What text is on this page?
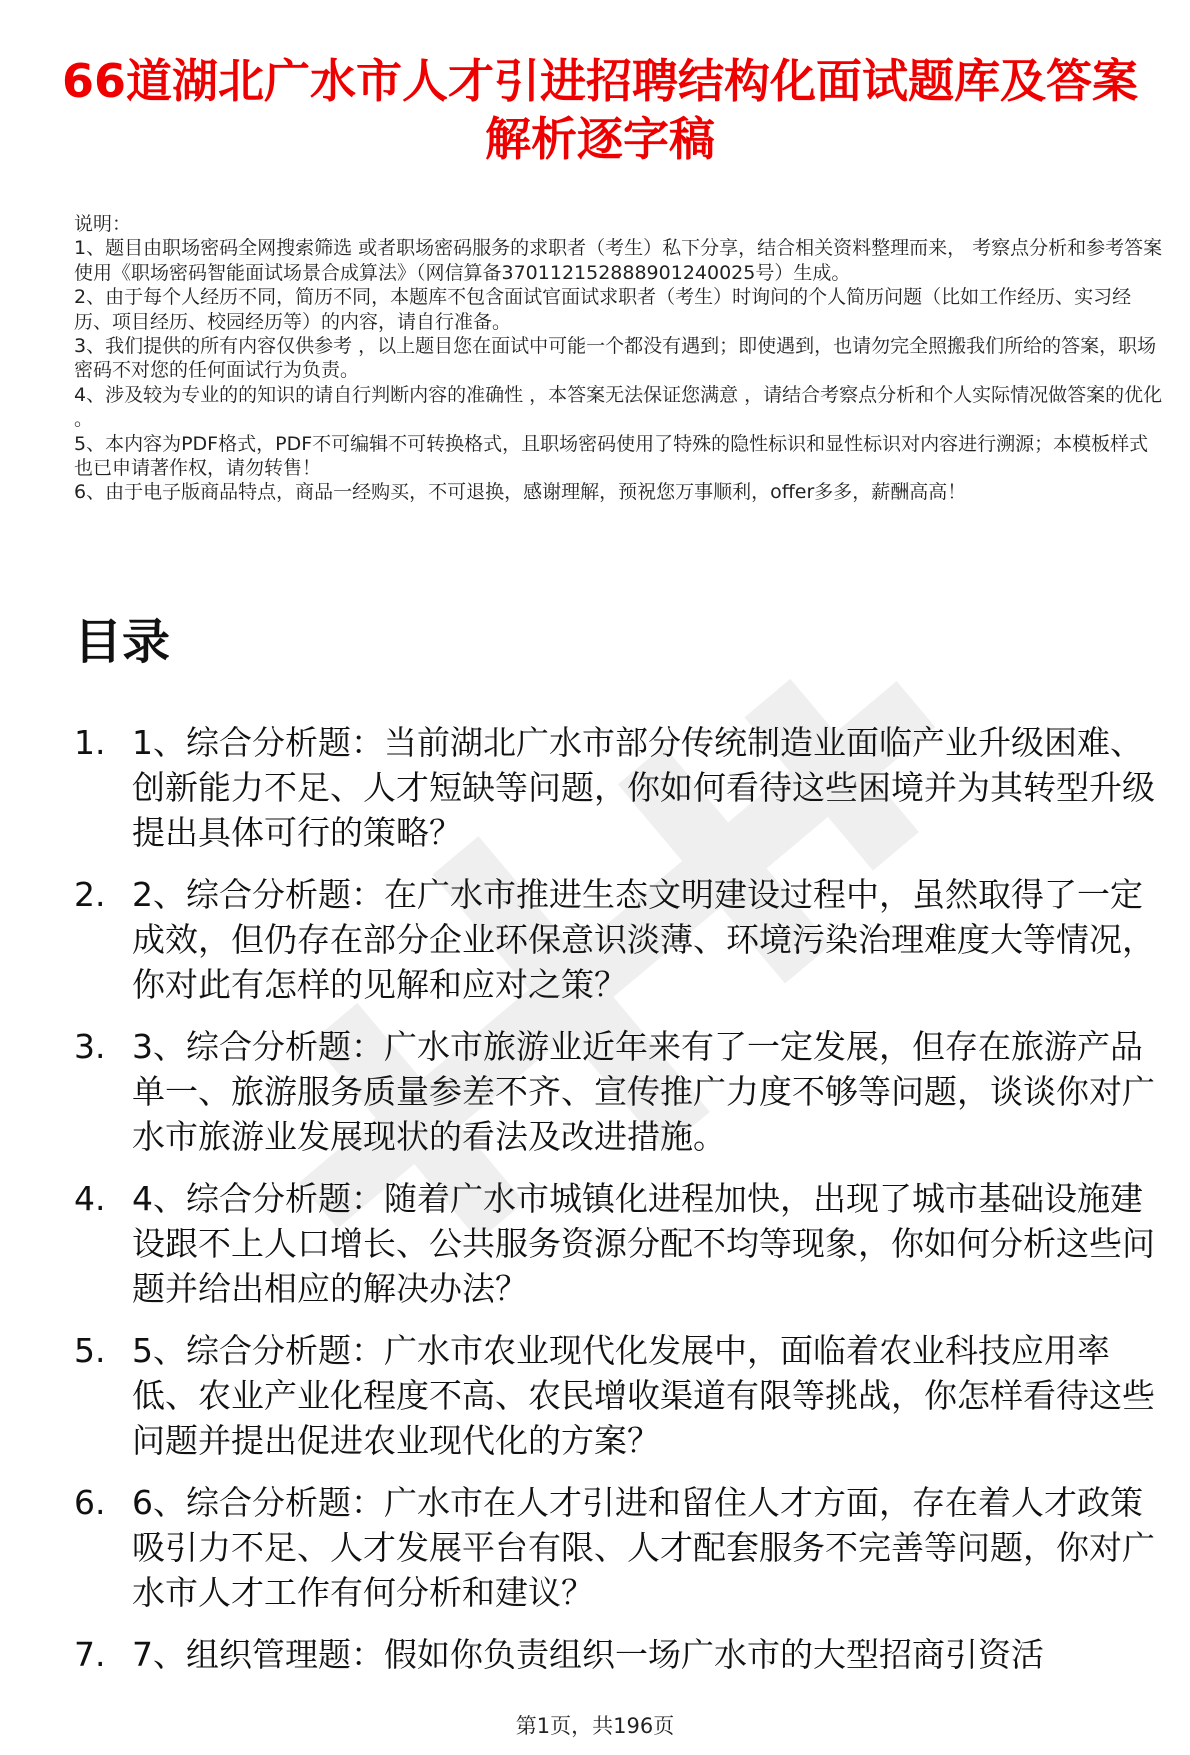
66道湖北广水市人才引进招聘结构化面试题库及答案解析逐字稿

说明：

1、题目由职场密码全网搜索筛选 或者职场密码服务的求职者（考生）私下分享，结合相关资料整理而来， 考察点分析和参考答案使用《职场密码智能面试场景合成算法》（网信算备370112152888901240025号）生成。

2、由于每个人经历不同，简历不同，本题库不包含面试官面试求职者（考生）时询问的个人简历问题（比如工作经历、实习经历、项目经历、校园经历等）的内容，请自行准备。

3、我们提供的所有内容仅供参考 ，以上题目您在面试中可能一个都没有遇到；即使遇到，也请勿完全照搬我们所给的答案，职场密码不对您的任何面试行为负责。

4、涉及较为专业的的知识的请自行判断内容的准确性 ，本答案无法保证您满意 ，请结合考察点分析和个人实际情况做答案的优化 。

5、本内容为PDF格式，PDF不可编辑不可转换格式，且职场密码使用了特殊的隐性标识和显性标识对内容进行溯源；本模板样式也已申请著作权，请勿转售！

6、由于电子版商品特点，商品一经购买，不可退换，感谢理解，预祝您万事顺利，offer多多，薪酬高高！

目录
1. 1、综合分析题：当前湖北广水市部分传统制造业面临产业升级困难、创新能力不足、人才短缺等问题，你如何看待这些困境并为其转型升级提出具体可行的策略？
2. 2、综合分析题：在广水市推进生态文明建设过程中，虽然取得了一定成效，但仍存在部分企业环保意识淡薄、环境污染治理难度大等情况，你对此有怎样的见解和应对之策？
3. 3、综合分析题：广水市旅游业近年来有了一定发展，但存在旅游产品单一、旅游服务质量参差不齐、宣传推广力度不够等问题，谈谈你对广水市旅游业发展现状的看法及改进措施。
4. 4、综合分析题：随着广水市城镇化进程加快，出现了城市基础设施建设跟不上人口增长、公共服务资源分配不均等现象，你如何分析这些问题并给出相应的解决办法？
5. 5、综合分析题：广水市农业现代化发展中，面临着农业科技应用率低、农业产业化程度不高、农民增收渠道有限等挑战，你怎样看待这些问题并提出促进农业现代化的方案？
6. 6、综合分析题：广水市在人才引进和留住人才方面，存在着人才政策吸引力不足、人才发展平台有限、人才配套服务不完善等问题，你对广水市人才工作有何分析和建议？
7. 7、组织管理题：假如你负责组织一场广水市的大型招商引资活
第1页，共196页
